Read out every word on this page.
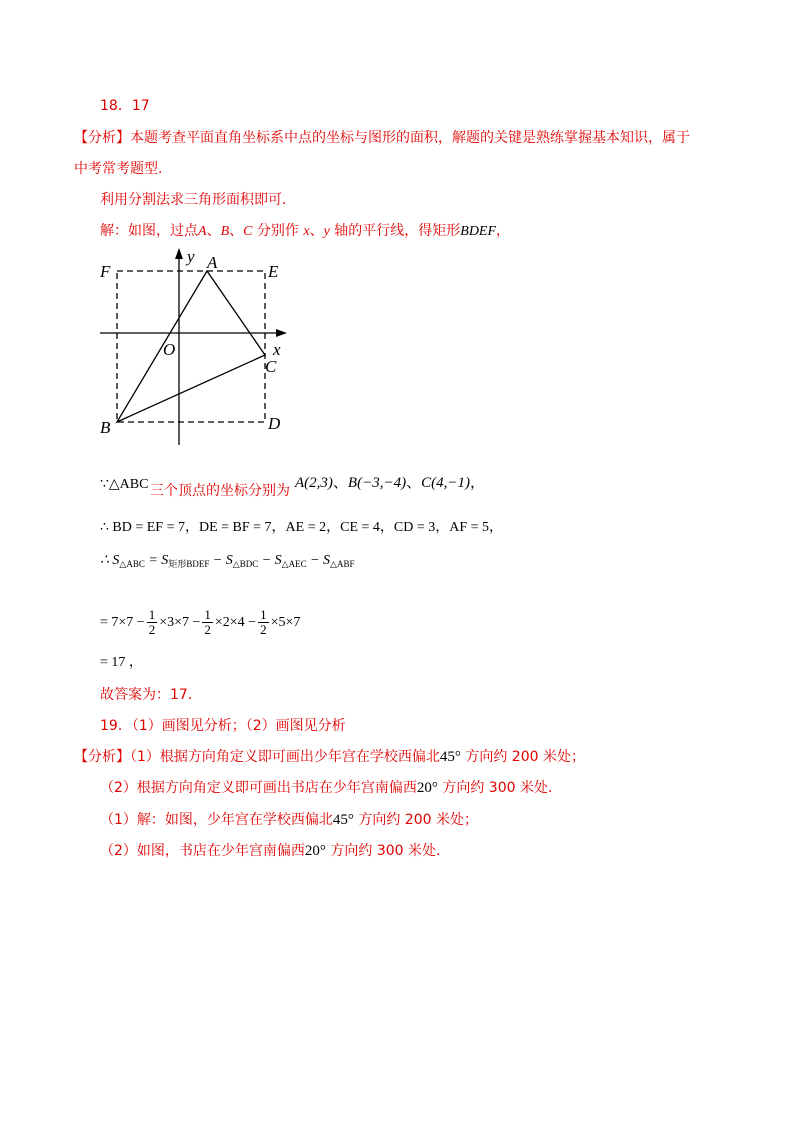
18．17
【分析】本题考查平面直角坐标系中点的坐标与图形的面积，解题的关键是熟练掌握基本知识，属于
中考常考题型．
利用分割法求三角形面积即可．
解：如图，过点A、B、C 分别作 x、y 轴的平行线，得矩形BDEF，
F	E
A
y
O	x
C
B	D
∵△ABC 三个顶点的坐标分别为 A(2,3)、B(−3,−4)、C(4,−1)，
∴ BD = EF = 7，DE = BF = 7，AE = 2，CE = 4，CD = 3，AF = 5，
∴ $S_{\triangle ABC} = S_{矩形BDEF} - S_{\triangle BDC} - S_{\triangle AEC} - S_{\triangle ABF}$
= $7\times 7 - \frac{1}{2} \times 3\times 7 - \frac{1}{2} \times 2\times 4 - \frac{1}{2} \times 5\times 7$
= 17 ，
故答案为：17．
19．（1）画图见分析；（2）画图见分析
【分析】（1）根据方向角定义即可画出少年宫在学校西偏北45° 方向约 200 米处；
（2）根据方向角定义即可画出书店在少年宫南偏西20° 方向约 300 米处．
（1）解：如图，少年宫在学校西偏北45° 方向约 200 米处；
（2）如图，书店在少年宫南偏西20° 方向约 300 米处．
